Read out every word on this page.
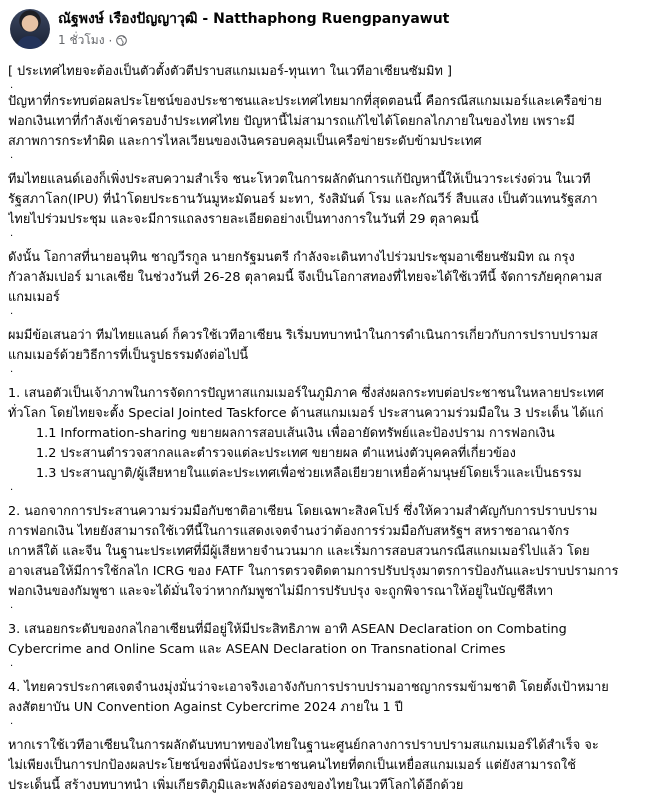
ณัฐพงษ์ เรืองปัญญาวุฒิ - Natthaphong Ruengpanyawut
1 ชั่วโมง ·
[ ประเทศไทยจะต้องเป็นตัวตั้งตัวตีปราบสแกมเมอร์-ทุนเทา ในเวทีอาเซียนซัมมิท ]
.
ปัญหาที่กระทบต่อผลประโยชน์ของประชาชนและประเทศไทยมากที่สุดตอนนี้ คือกรณีสแกมเมอร์และเครือข่าย
ฟอกเงินเทาที่กำลังเข้าครอบงำประเทศไทย ปัญหานี้ไม่สามารถแก้ไขได้โดยกลไกภายในของไทย เพราะมี
สภาพการกระทำผิด และการไหลเวียนของเงินครอบคลุมเป็นเครือข่ายระดับข้ามประเทศ
.
ทีมไทยแลนด์เองก็เพิ่งประสบความสำเร็จ ชนะโหวตในการผลักดันการแก้ปัญหานี้ให้เป็นวาระเร่งด่วน ในเวที
รัฐสภาโลก(IPU) ที่นำโดยประธานวันมูหะมัดนอร์ มะทา, รังสิมันต์ โรม และกัณวีร์ สืบแสง เป็นตัวแทนรัฐสภา
ไทยไปร่วมประชุม และจะมีการแถลงรายละเอียดอย่างเป็นทางการในวันที่ 29 ตุลาคมนี้
.
ดังนั้น โอกาสที่นายอนุทิน ชาญวีรกูล นายกรัฐมนตรี กำลังจะเดินทางไปร่วมประชุมอาเซียนซัมมิท ณ กรุง
กัวลาลัมเปอร์ มาเลเซีย ในช่วงวันที่ 26-28 ตุลาคมนี้ จึงเป็นโอกาสทองที่ไทยจะได้ใช้เวทีนี้ จัดการภัยคุกคามส
แกมเมอร์
.
ผมมีข้อเสนอว่า ทีมไทยแลนด์ ก็ควรใช้เวทีอาเซียน ริเริ่มบทบาทนำในการดำเนินการเกี่ยวกับการปราบปรามส
แกมเมอร์ด้วยวิธีการที่เป็นรูปธรรมดังต่อไปนี้
.
1. เสนอตัวเป็นเจ้าภาพในการจัดการปัญหาสแกมเมอร์ในภูมิภาค ซึ่งส่งผลกระทบต่อประชาชนในหลายประเทศ
ทั่วโลก โดยไทยจะตั้ง Special Jointed Taskforce ด้านสแกมเมอร์ ประสานความร่วมมือใน 3 ประเด็น ได้แก่
1.1 Information-sharing ขยายผลการสอบเส้นเงิน เพื่ออายัดทรัพย์และป้องปราม การฟอกเงิน
1.2 ประสานตำรวจสากลและตำรวจแต่ละประเทศ ขยายผล ตำแหน่งตัวบุคคลที่เกี่ยวข้อง
1.3 ประสานญาติ/ผู้เสียหายในแต่ละประเทศเพื่อช่วยเหลือเยียวยาเหยื่อค้ามนุษย์โดยเร็วและเป็นธรรม
.
2. นอกจากการประสานความร่วมมือกับชาติอาเซียน โดยเฉพาะสิงคโปร์ ซึ่งให้ความสำคัญกับการปราบปราม
การฟอกเงิน ไทยยังสามารถใช้เวทีนี้ในการแสดงเจตจำนงว่าต้องการร่วมมือกับสหรัฐฯ สหราชอาณาจักร
เกาหลีใต้ และจีน ในฐานะประเทศที่มีผู้เสียหายจำนวนมาก และเริ่มการสอบสวนกรณีสแกมเมอร์ไปแล้ว โดย
อาจเสนอให้มีการใช้กลไก ICRG ของ FATF ในการตรวจติดตามการปรับปรุงมาตรการป้องกันและปราบปรามการ
ฟอกเงินของกัมพูชา และจะได้มั่นใจว่าหากกัมพูชาไม่มีการปรับปรุง จะถูกพิจารณาให้อยู่ในบัญชีสีเทา
.
3. เสนอยกระดับของกลไกอาเซียนที่มีอยู่ให้มีประสิทธิภาพ อาทิ ASEAN Declaration on Combating
Cybercrime and Online Scam และ ASEAN Declaration on Transnational Crimes
.
4. ไทยควรประกาศเจตจำนงมุ่งมั่นว่าจะเอาจริงเอาจังกับการปราบปรามอาชญากรรมข้ามชาติ โดยตั้งเป้าหมาย
ลงสัตยาบัน UN Convention Against Cybercrime 2024 ภายใน 1 ปี
.
หากเราใช้เวทีอาเซียนในการผลักดันบทบาทของไทยในฐานะศูนย์กลางการปราบปรามสแกมเมอร์ได้สำเร็จ จะ
ไม่เพียงเป็นการปกป้องผลประโยชน์ของพี่น้องประชาชนคนไทยที่ตกเป็นเหยื่อสแกมเมอร์ แต่ยังสามารถใช้
ประเด็นนี้ สร้างบทบาทนำ เพิ่มเกียรติภูมิและพลังต่อรองของไทยในเวทีโลกได้อีกด้วย
